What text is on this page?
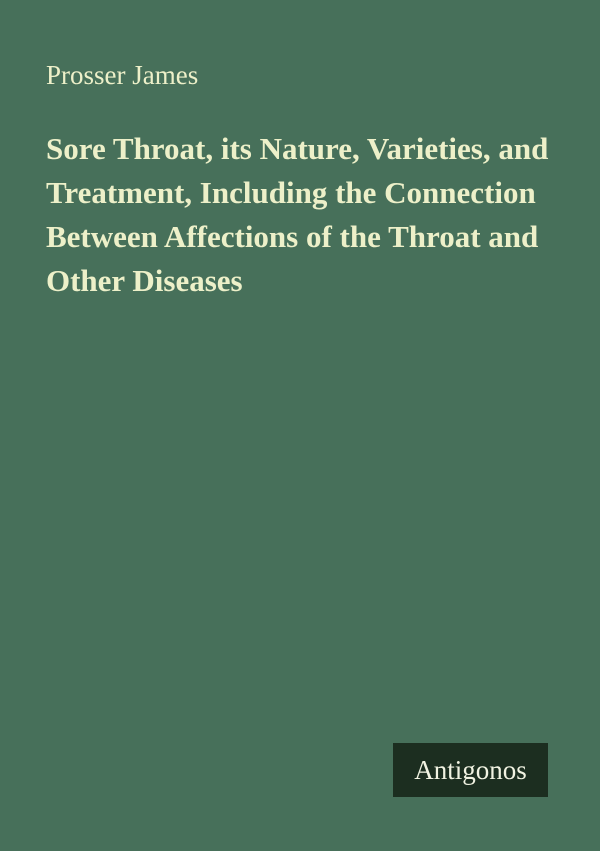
Prosser James
Sore Throat, its Nature, Varieties, and
Treatment, Including the Connection
Between Affections of the Throat and
Other Diseases
Antigonos
